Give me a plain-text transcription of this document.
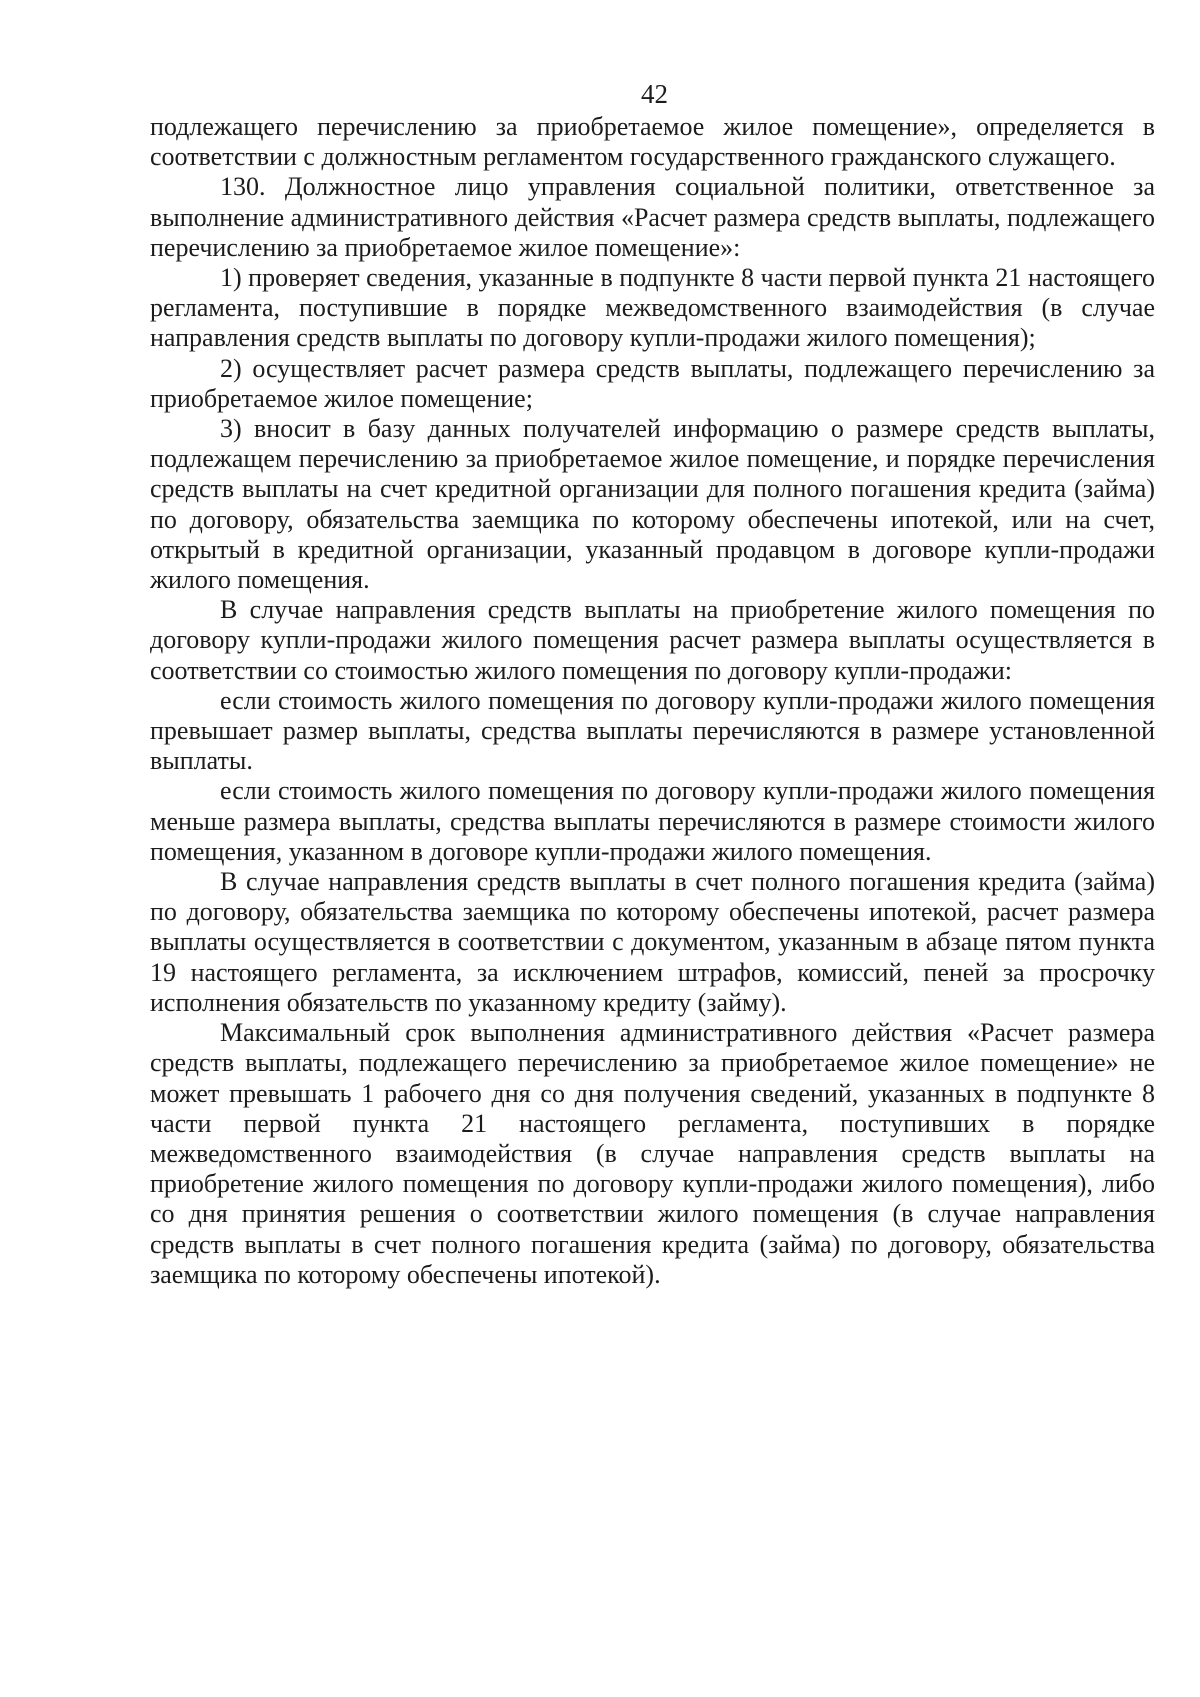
42

подлежащего перечислению за приобретаемое жилое помещение», определяется в соответствии с должностным регламентом государственного гражданского служащего.

130. Должностное лицо управления социальной политики, ответственное за выполнение административного действия «Расчет размера средств выплаты, подлежащего перечислению за приобретаемое жилое помещение»:

1) проверяет сведения, указанные в подпункте 8 части первой пункта 21 настоящего регламента, поступившие в порядке межведомственного взаимодействия (в случае направления средств выплаты по договору купли-продажи жилого помещения);

2) осуществляет расчет размера средств выплаты, подлежащего перечислению за приобретаемое жилое помещение;

3) вносит в базу данных получателей информацию о размере средств выплаты, подлежащем перечислению за приобретаемое жилое помещение, и порядке перечисления средств выплаты на счет кредитной организации для полного погашения кредита (займа) по договору, обязательства заемщика по которому обеспечены ипотекой, или на счет, открытый в кредитной организации, указанный продавцом в договоре купли-продажи жилого помещения.

В случае направления средств выплаты на приобретение жилого помещения по договору купли-продажи жилого помещения расчет размера выплаты осуществляется в соответствии со стоимостью жилого помещения по договору купли-продажи:

если стоимость жилого помещения по договору купли-продажи жилого помещения превышает размер выплаты, средства выплаты перечисляются в размере установленной выплаты.

если стоимость жилого помещения по договору купли-продажи жилого помещения меньше размера выплаты, средства выплаты перечисляются в размере стоимости жилого помещения, указанном в договоре купли-продажи жилого помещения.

В случае направления средств выплаты в счет полного погашения кредита (займа) по договору, обязательства заемщика по которому обеспечены ипотекой, расчет размера выплаты осуществляется в соответствии с документом, указанным в абзаце пятом пункта 19 настоящего регламента, за исключением штрафов, комиссий, пеней за просрочку исполнения обязательств по указанному кредиту (займу).

Максимальный срок выполнения административного действия «Расчет размера средств выплаты, подлежащего перечислению за приобретаемое жилое помещение» не может превышать 1 рабочего дня со дня получения сведений, указанных в подпункте 8 части первой пункта 21 настоящего регламента, поступивших в порядке межведомственного взаимодействия (в случае направления средств выплаты на приобретение жилого помещения по договору купли-продажи жилого помещения), либо со дня принятия решения о соответствии жилого помещения (в случае направления средств выплаты в счет полного погашения кредита (займа) по договору, обязательства заемщика по которому обеспечены ипотекой).
